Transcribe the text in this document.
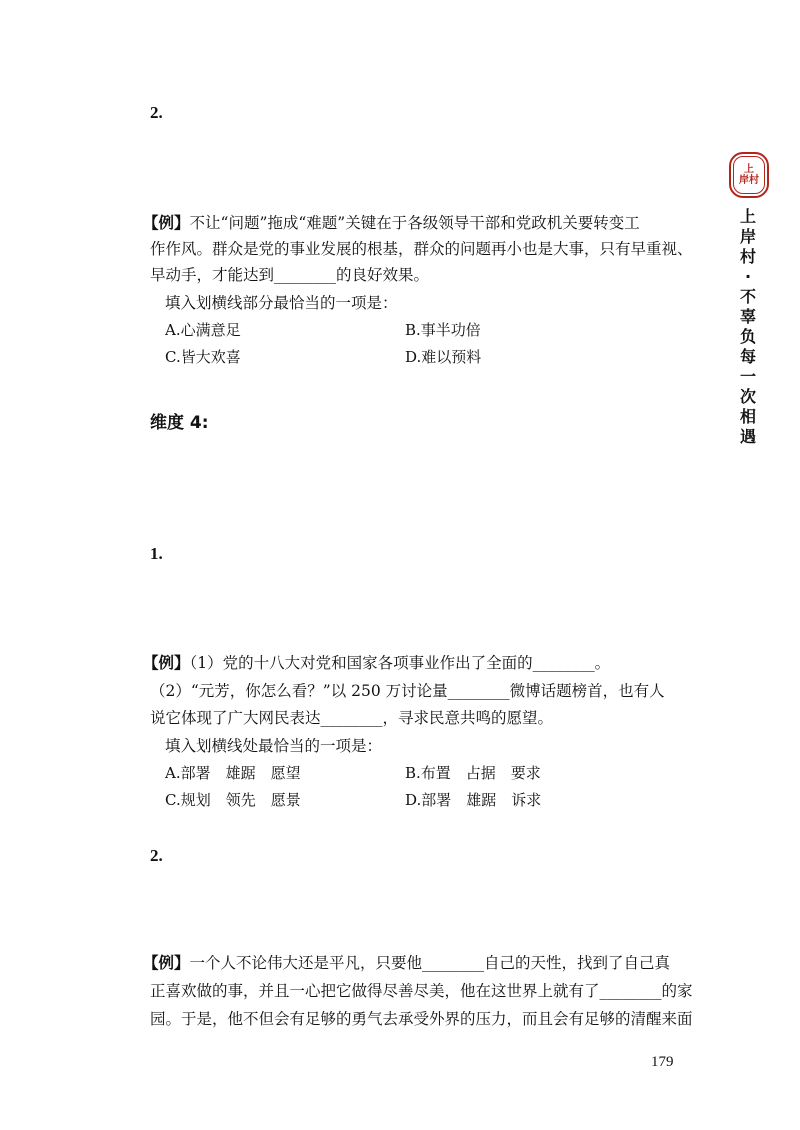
2.
【例】不让“问题”拖成“难题”关键在于各级领导干部和党政机关要转变工
作作风。群众是党的事业发展的根基，群众的问题再小也是大事，只有早重视、
早动手，才能达到________的良好效果。
填入划横线部分最恰当的一项是：
A.心满意足	B.事半功倍
C.皆大欢喜	D.难以预料
维度 4:
1.
【例】（1）党的十八大对党和国家各项事业作出了全面的________。
（2）“元芳，你怎么看？”以 250 万讨论量________微博话题榜首，也有人
说它体现了广大网民表达________，寻求民意共鸣的愿望。
填入划横线处最恰当的一项是：
A.部署　雄踞　愿望	B.布置　占据　要求
C.规划　领先　愿景	D.部署　雄踞　诉求
2.
【例】一个人不论伟大还是平凡，只要他________自己的天性，找到了自己真
正喜欢做的事，并且一心把它做得尽善尽美，他在这世界上就有了________的家
园。于是，他不但会有足够的勇气去承受外界的压力，而且会有足够的清醒来面
179
上
岸村
上
岸
村
·
不
辜
负
每
一
次
相
遇
